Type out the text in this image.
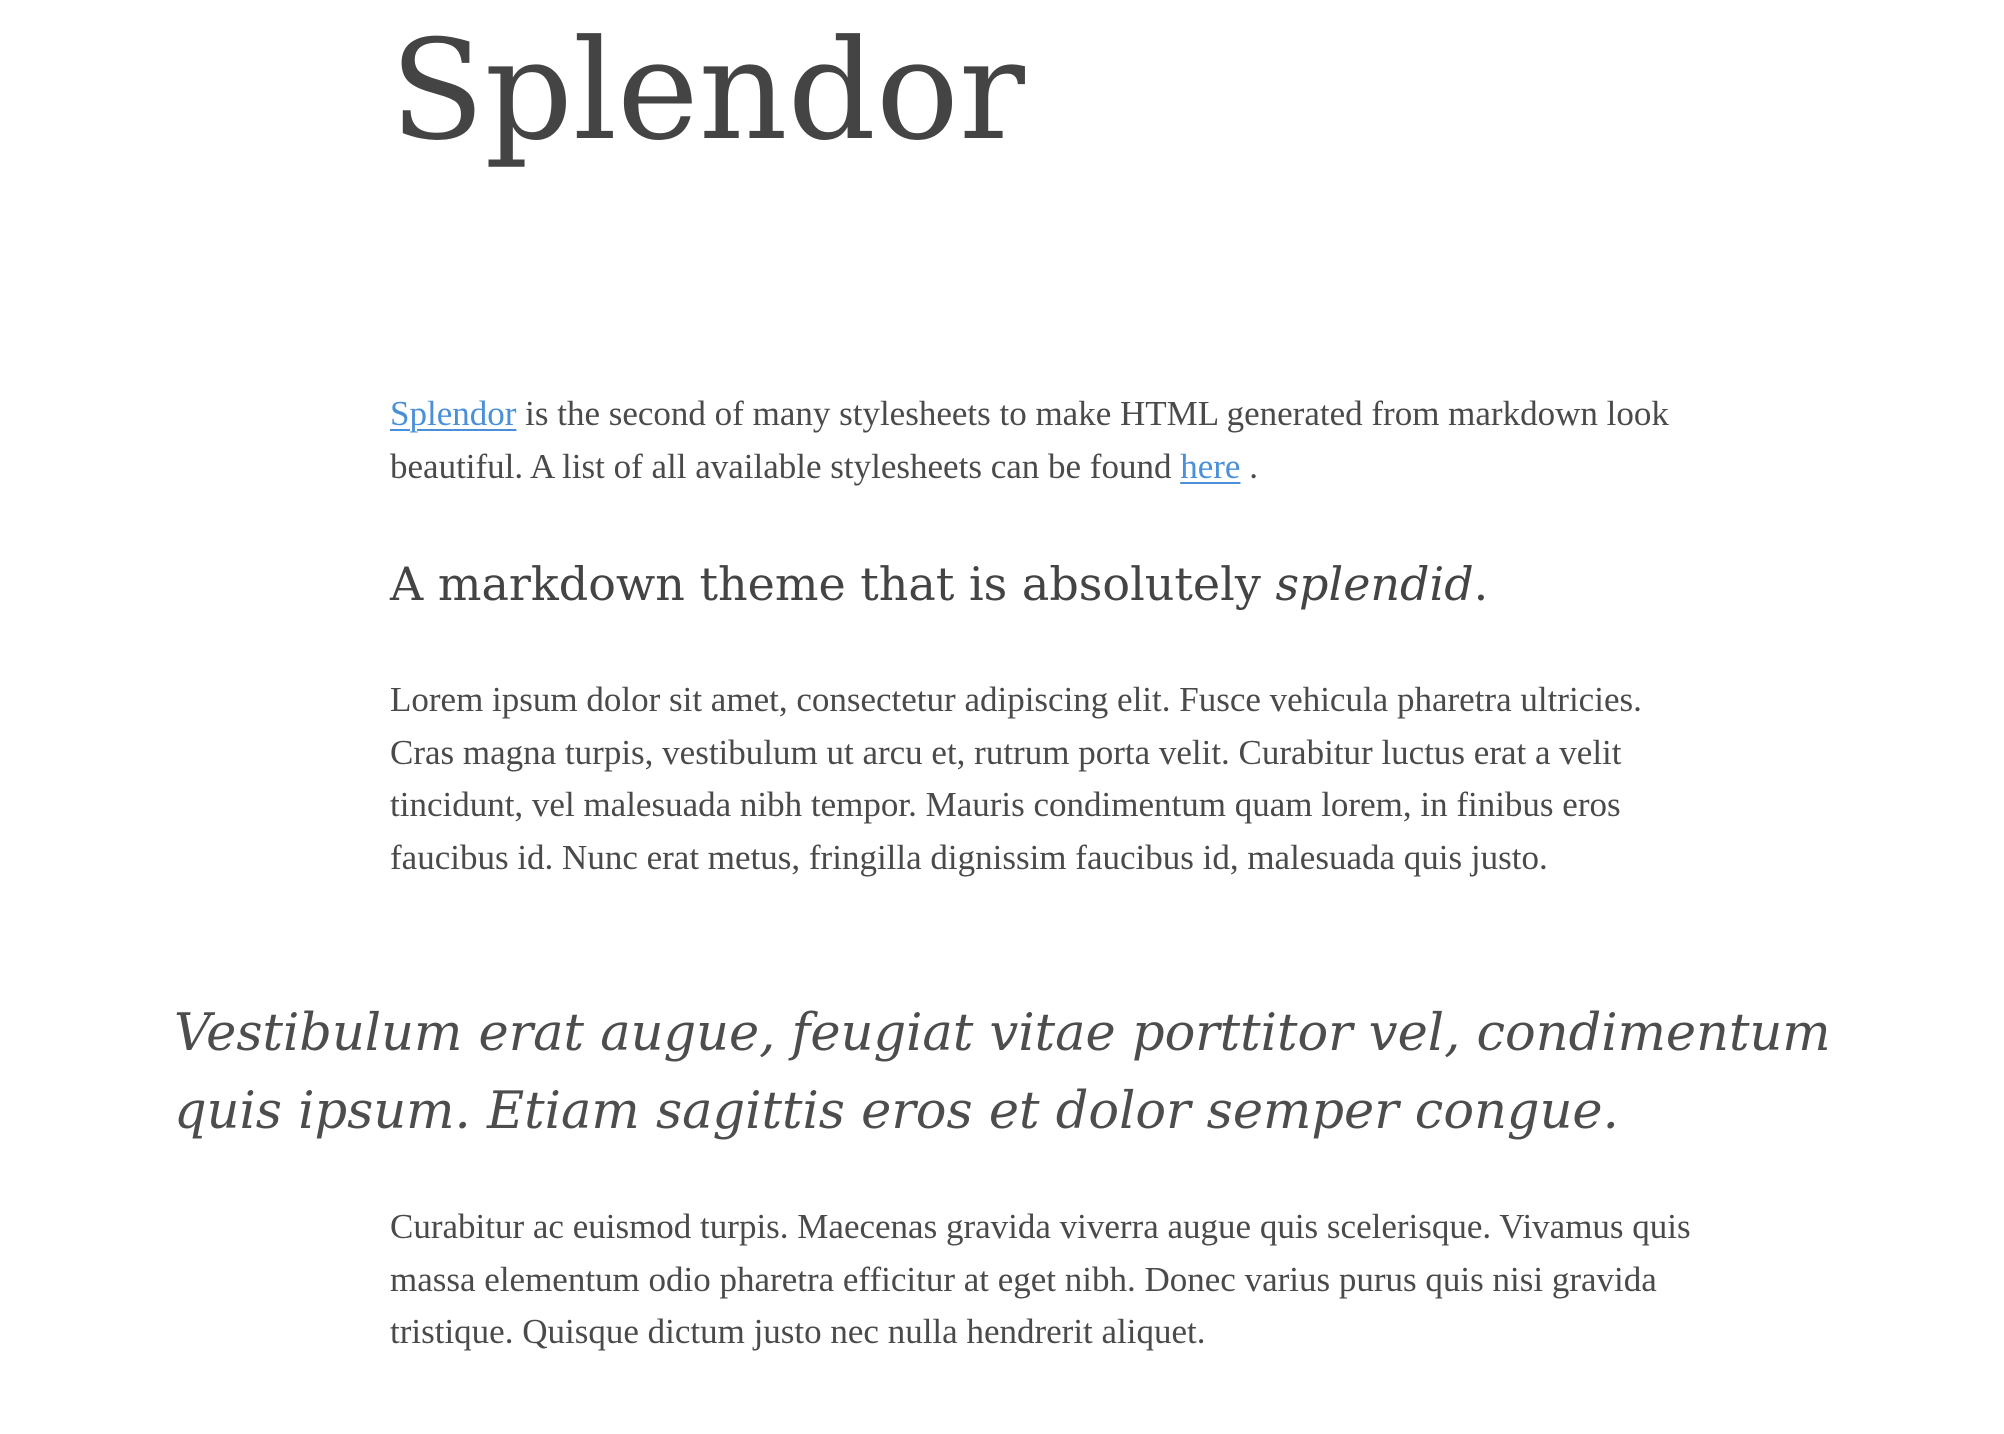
Splendor

Splendor is the second of many stylesheets to make HTML generated from markdown look beautiful. A list of all available stylesheets can be found here .

A markdown theme that is absolutely splendid.

Lorem ipsum dolor sit amet, consectetur adipiscing elit. Fusce vehicula pharetra ultricies. Cras magna turpis, vestibulum ut arcu et, rutrum porta velit. Curabitur luctus erat a velit tincidunt, vel malesuada nibh tempor. Mauris condimentum quam lorem, in finibus eros faucibus id. Nunc erat metus, fringilla dignissim faucibus id, malesuada quis justo.

Vestibulum erat augue, feugiat vitae porttitor vel, condimentum quis ipsum. Etiam sagittis eros et dolor semper congue.

Curabitur ac euismod turpis. Maecenas gravida viverra augue quis scelerisque. Vivamus quis massa elementum odio pharetra efficitur at eget nibh. Donec varius purus quis nisi gravida tristique. Quisque dictum justo nec nulla hendrerit aliquet.
